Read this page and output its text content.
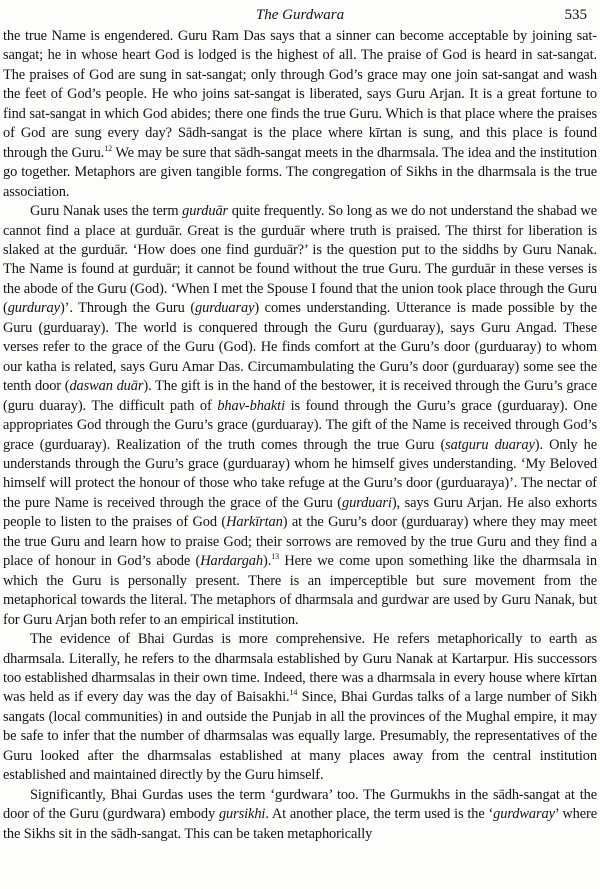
The Gurdwara	535

the true Name is engendered. Guru Ram Das says that a sinner can become acceptable by joining sat-sangat; he in whose heart God is lodged is the highest of all. The praise of God is heard in sat-sangat. The praises of God are sung in sat-sangat; only through God’s grace may one join sat-sangat and wash the feet of God’s people. He who joins sat-sangat is liberated, says Guru Arjan. It is a great fortune to find sat-sangat in which God abides; there one finds the true Guru. Which is that place where the praises of God are sung every day? Sādh-sangat is the place where kīrtan is sung, and this place is found through the Guru.$^{12}$ We may be sure that sādh-sangat meets in the dharmsala. The idea and the institution go together. Metaphors are given tangible forms. The congregation of Sikhs in the dharmsala is the true association.

Guru Nanak uses the term gurduār quite frequently. So long as we do not understand the shabad we cannot find a place at gurduār. Great is the gurduār where truth is praised. The thirst for liberation is slaked at the gurduār. ‘How does one find gurduār?’ is the question put to the siddhs by Guru Nanak. The Name is found at gurduār; it cannot be found without the true Guru. The gurduār in these verses is the abode of the Guru (God). ‘When I met the Spouse I found that the union took place through the Guru (gurduray)’. Through the Guru (gurduaray) comes understanding. Utterance is made possible by the Guru (gurduaray). The world is conquered through the Guru (gurduaray), says Guru Angad. These verses refer to the grace of the Guru (God). He finds comfort at the Guru’s door (gurduaray) to whom our katha is related, says Guru Amar Das. Circumambulating the Guru’s door (gurduaray) some see the tenth door (daswan duār). The gift is in the hand of the bestower, it is received through the Guru’s grace (guru duaray). The difficult path of bhav-bhakti is found through the Guru’s grace (gurduaray). One appropriates God through the Guru’s grace (gurduaray). The gift of the Name is received through God’s grace (gurduaray). Realization of the truth comes through the true Guru (satguru duaray). Only he understands through the Guru’s grace (gurduaray) whom he himself gives understanding. ‘My Beloved himself will protect the honour of those who take refuge at the Guru’s door (gurduaraya)’. The nectar of the pure Name is received through the grace of the Guru (gurduari), says Guru Arjan. He also exhorts people to listen to the praises of God (Harkīrtan) at the Guru’s door (gurduaray) where they may meet the true Guru and learn how to praise God; their sorrows are removed by the true Guru and they find a place of honour in God’s abode (Hardargah).$^{13}$ Here we come upon something like the dharmsala in which the Guru is personally present. There is an imperceptible but sure movement from the metaphorical towards the literal. The metaphors of dharmsala and gurdwar are used by Guru Nanak, but for Guru Arjan both refer to an empirical institution.

The evidence of Bhai Gurdas is more comprehensive. He refers metaphorically to earth as dharmsala. Literally, he refers to the dharmsala established by Guru Nanak at Kartarpur. His successors too established dharmsalas in their own time. Indeed, there was a dharmsala in every house where kīrtan was held as if every day was the day of Baisakhi.$^{14}$ Since, Bhai Gurdas talks of a large number of Sikh sangats (local communities) in and outside the Punjab in all the provinces of the Mughal empire, it may be safe to infer that the number of dharmsalas was equally large. Presumably, the representatives of the Guru looked after the dharmsalas established at many places away from the central institution established and maintained directly by the Guru himself.

Significantly, Bhai Gurdas uses the term ‘gurdwara’ too. The Gurmukhs in the sādh-sangat at the door of the Guru (gurdwara) embody gursikhi. At another place, the term used is the ‘gurdwaray’ where the Sikhs sit in the sādh-sangat. This can be taken metaphorically
